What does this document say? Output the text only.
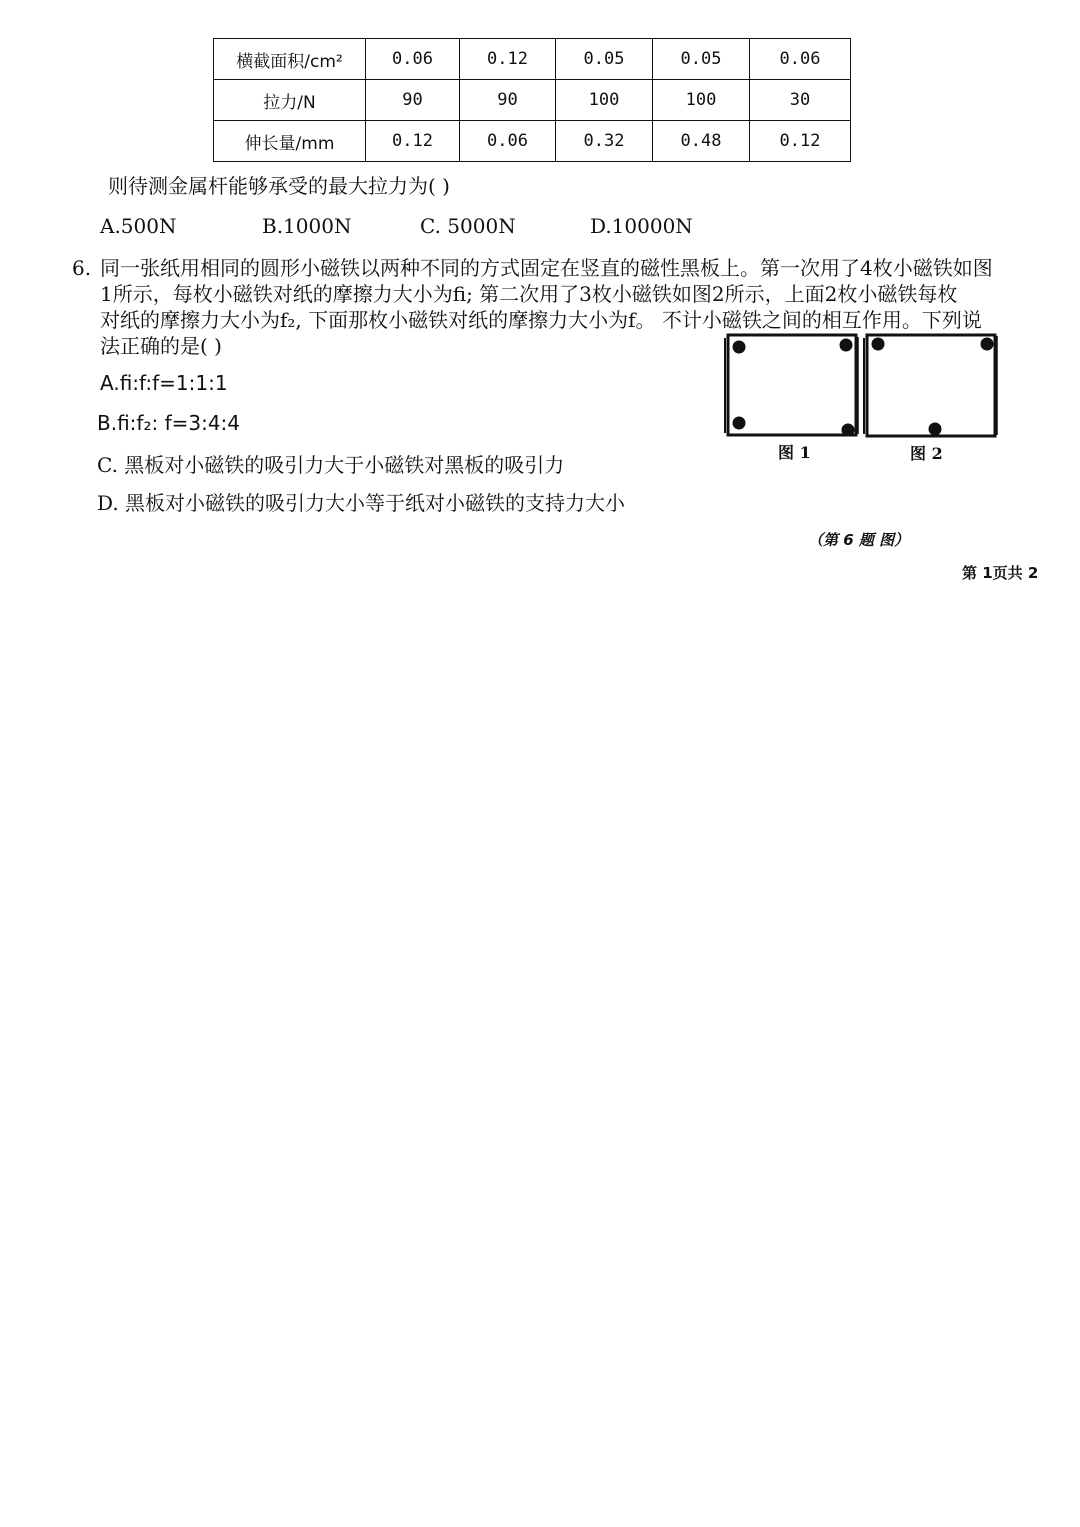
横截面积/cm²	0.06	0.12	0.05	0.05	0.06
拉力/N	90	90	100	100	30
伸长量/mm	0.12	0.06	0.32	0.48	0.12
则待测金属杆能够承受的最大拉力为( )
A.500N	B.1000N	C. 5000N	D.10000N
6. 同一张纸用相同的圆形小磁铁以两种不同的方式固定在竖直的磁性黑板上。第一次用了4枚小磁铁如图
1所示，每枚小磁铁对纸的摩擦力大小为fi; 第二次用了3枚小磁铁如图2所示，上面2枚小磁铁每枚
对纸的摩擦力大小为f₂, 下面那枚小磁铁对纸的摩擦力大小为f。 不计小磁铁之间的相互作用。下列说
法正确的是( )
A.fi:f:f=1:1:1
B.fi:f₂: f=3:4:4
C. 黑板对小磁铁的吸引力大于小磁铁对黑板的吸引力
D. 黑板对小磁铁的吸引力大小等于纸对小磁铁的支持力大小
图 1	图 2
（第 6 题 图）
第 1页共 2
